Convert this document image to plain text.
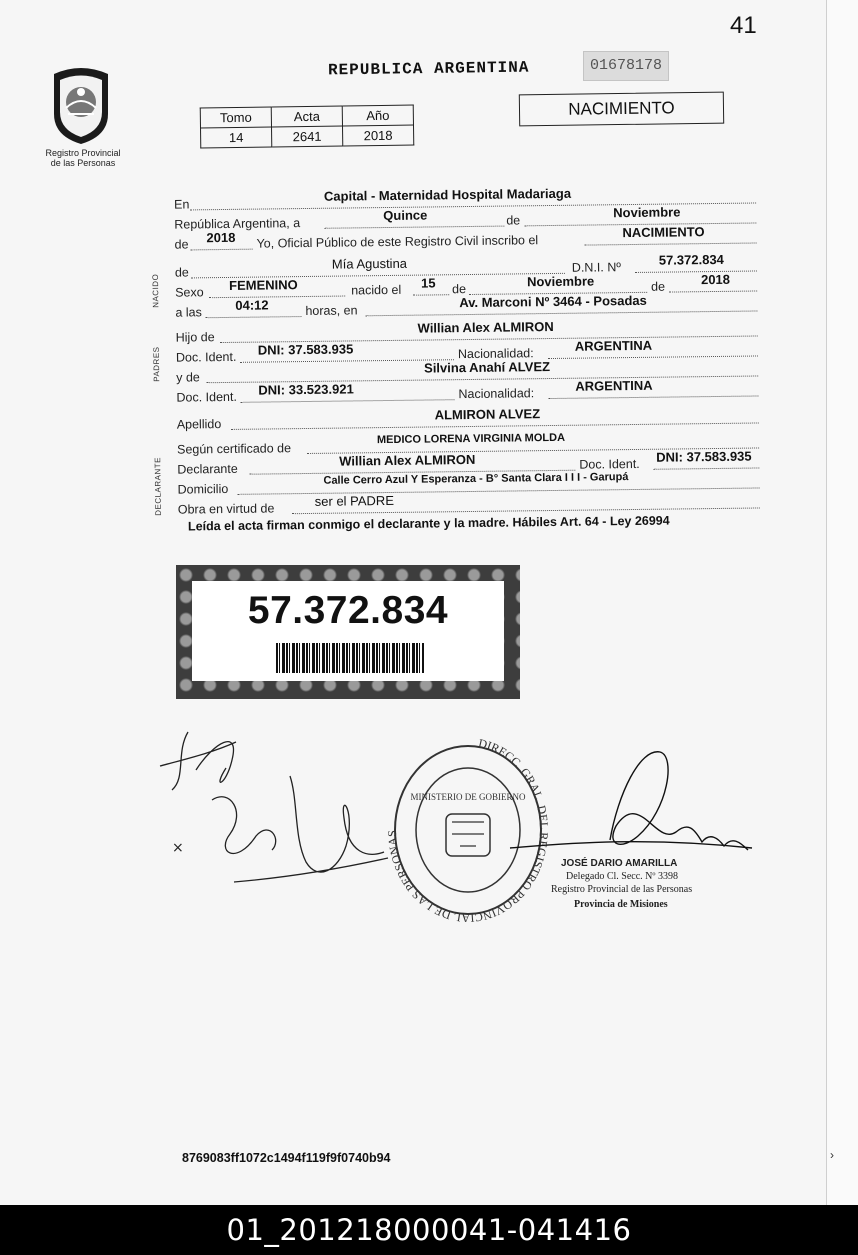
41
Registro Provincial de las Personas
REPUBLICA ARGENTINA	01678178
Tomo	Acta	Año
14	2641	2018
NACIMIENTO
NACIDO
PADRES
DECLARANTE
En
Capital - Maternidad Hospital Madariaga
República Argentina, a
Quince	de
Noviembre
de 2018 Yo, Oficial Público de este Registro Civil inscribo el
NACIMIENTO
de
Mía Agustina	D.N.I. Nº	57.372.834
Sexo FEMENINO	nacido el 15 de	Noviembre	de	2018
a las	04:12	horas, en
Av. Marconi Nº 3464 - Posadas
Hijo de
Willian Alex ALMIRON
Doc. Ident. DNI: 37.583.935	Nacionalidad:	ARGENTINA
y de
Silvina Anahí ALVEZ
Doc. Ident. DNI: 33.523.921	Nacionalidad:	ARGENTINA
Apellido
ALMIRON ALVEZ
Según certificado de
MEDICO LORENA VIRGINIA MOLDA
Declarante
Willian Alex ALMIRON	Doc. Ident. DNI: 37.583.935
Domicilio
Calle Cerro Azul Y Esperanza - B° Santa Clara I I I - Garupá
Obra en virtud de
ser el PADRE
Leída el acta firman conmigo el declarante y la madre. Hábiles Art. 64 - Ley 26994
57.372.834
×
DIRECC. GRAL. DEL REGISTRO PROVINCIAL DE LAS PERSONAS
MINISTERIO DE GOBIERNO
JOSÉ DARIO AMARILLA
Delegado Cl. Secc. Nº 3398
Registro Provincial de las Personas
Provincia de Misiones
8769083ff1072c1494f119f9f0740b94	›
01_201218000041-041416
